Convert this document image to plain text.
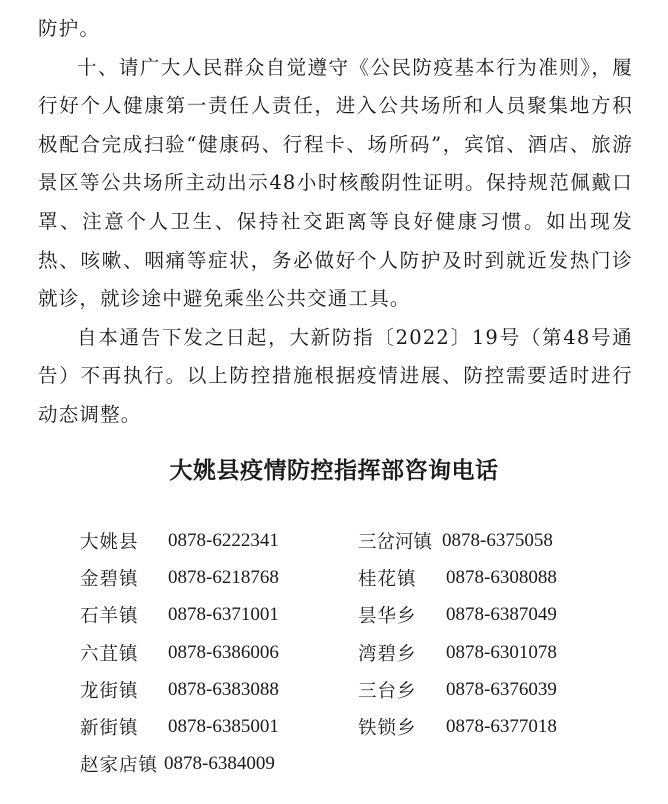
防护。

十、请广大人民群众自觉遵守《公民防疫基本行为准则》，履行好个人健康第一责任人责任，进入公共场所和人员聚集地方积极配合完成扫验“健康码、行程卡、场所码”，宾馆、酒店、旅游景区等公共场所主动出示48小时核酸阴性证明。保持规范佩戴口罩、注意个人卫生、保持社交距离等良好健康习惯。如出现发热、咳嗽、咽痛等症状，务必做好个人防护及时到就近发热门诊就诊，就诊途中避免乘坐公共交通工具。

自本通告下发之日起，大新防指〔2022〕19号（第48号通告）不再执行。以上防控措施根据疫情进展、防控需要适时进行动态调整。

大姚县疫情防控指挥部咨询电话
大姚县	0878-6222341	三岔河镇 0878-6375058
金碧镇	0878-6218768	桂花镇	0878-6308088
石羊镇	0878-6371001	昙华乡	0878-6387049
六苴镇	0878-6386006	湾碧乡	0878-6301078
龙街镇	0878-6383088	三台乡	0878-6376039
新街镇	0878-6385001	铁锁乡	0878-6377018
赵家店镇 0878-6384009
